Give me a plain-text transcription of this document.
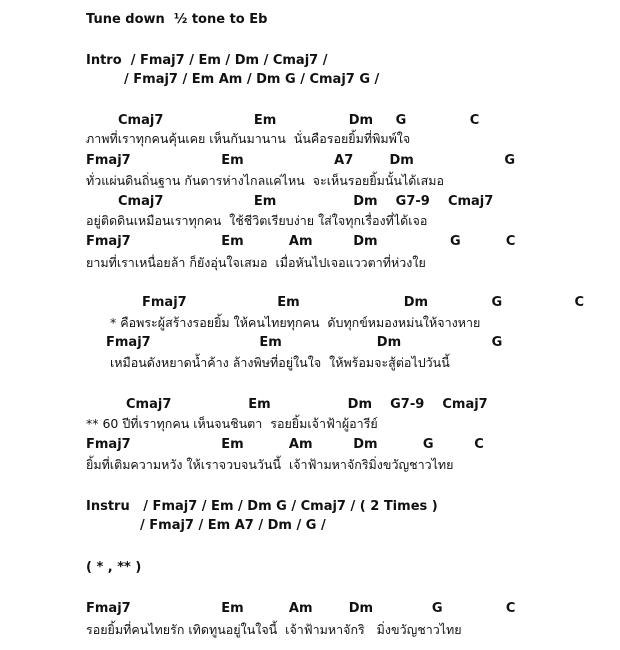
Tune down  ½ tone to Eb
Intro  / Fmaj7 / Em / Dm / Cmaj7 /
/ Fmaj7 / Em Am / Dm G / Cmaj7 G /
Cmaj7                    Em                Dm     G              C
ภาพที่เราทุกคนคุ้นเคย เห็นกันมานาน  นั่นคือรอยยิ้มที่พิมพ์ใจ
Fmaj7                    Em                    A7        Dm                    G
ทั่วแผ่นดินถิ่นฐาน กันดารห่างไกลแค่ไหน  จะเห็นรอยยิ้มนั้นได้เสมอ
Cmaj7                    Em                 Dm    G7-9    Cmaj7
อยู่ติดดินเหมือนเราทุกคน  ใช้ชีวิตเรียบง่าย ใส่ใจทุกเรื่องที่ได้เจอ
Fmaj7                    Em          Am         Dm                G          C
ยามที่เราเหนื่อยล้า ก็ยังอุ่นใจเสมอ  เมื่อหันไปเจอแววตาที่ห่วงใย
Fmaj7                    Em                       Dm              G                C
* คือพระผู้สร้างรอยยิ้ม ให้คนไทยทุกคน  ดับทุกข์หมองหม่นให้จางหาย
Fmaj7                        Em                     Dm                    G
เหมือนดังหยาดน้ำค้าง ล้างพิษที่อยู่ในใจ  ให้พร้อมจะสู้ต่อไปวันนี้
Cmaj7                 Em                 Dm    G7-9    Cmaj7
** 60 ปีที่เราทุกคน เห็นจนชินตา  รอยยิ้มเจ้าฟ้าผู้อารีย์
Fmaj7                    Em          Am         Dm          G         C
ยิ้มที่เติมความหวัง ให้เราจวบจนวันนี้  เจ้าฟ้ามหาจักริมิ่งขวัญชาวไทย
Instru   / Fmaj7 / Em / Dm G / Cmaj7 / ( 2 Times )
/ Fmaj7 / Em A7 / Dm / G /
( * , ** )
Fmaj7                    Em          Am        Dm             G              C
รอยยิ้มที่คนไทยรัก เทิดทูนอยู่ในใจนี้  เจ้าฟ้ามหาจักริ   มิ่งขวัญชาวไทย
